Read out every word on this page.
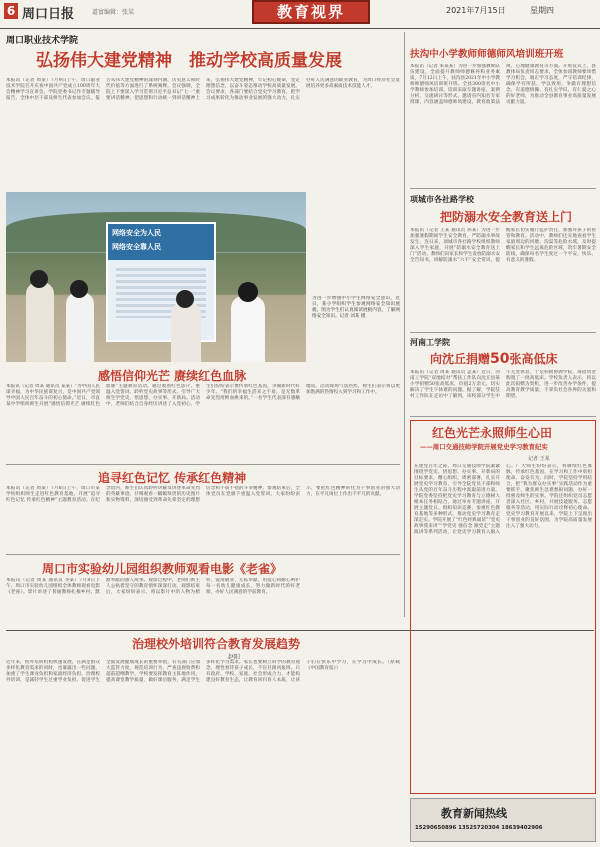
6 周口日报	道富编辑：张某	教育视界	2021年7月15日	星期四
周口职业技术学院
弘扬伟大建党精神　推动学校高质量发展
本报讯（记者 周某）7月9日上午，周口职业技术学院召开庆祝中国共产党成立100周年大会精神学习宣讲会。学院党委书记作专题辅导报告，全体中层干部及师生代表参加会议。报告从伟大建党精神的深刻内涵、历史意义和时代价值等方面进行了系统阐释。会议强调，全院上下要深入学习贯彻习近平总书记“七一”重要讲话精神，把思想和行动统一到讲话精神上来，弘扬伟大建党精神，牢记初心使命，坚定理想信念，以奋斗姿态推动学校高质量发展。会议要求，各部门要结合党史学习教育，把学习成果转化为推动事业发展的强大动力，扎实办好人民满意的职业教育，为周口经济社会发展培养更多高素质技术技能人才。
网络安全为人民
网络安全靠人民
为进一步增强中小学生网络安全意识，近日，某小学组织学生参观网络安全知识展板。图为学生们认真阅读展板内容，了解网络安全知识。记者 刘某 摄
感悟信仰光芒 赓续红色血脉
本报讯（记者 周某 通讯员 某某）“为中国人民谋幸福，为中华民族谋复兴，是中国共产党领导中国人民百年奋斗的初心使命。”近日，市直某中学组织师生开展“感悟信仰光芒 赓续红色血脉”主题教育活动，通过观看红色影片、重温入党誓词、聆听党史故事等形式，引导广大师生学党史、悟思想、办实事、开新局。活动中，老师们结合自身经历讲述了入党初心，学生们纷纷表示要传承红色基因，争做新时代好少年。“我们的幸福生活来之不易，是无数革命先烈用鲜血换来的。”一名学生代表深有感触地说。活动现场气氛热烈，师生们表示将以更加饱满的热情投入到学习和工作中。
追寻红色记忆 传承红色精神
本报讯（记者 周某）7月8日上午，周口市某学校组织师生走进红色教育基地，开展“追寻红色记忆 传承红色精神”主题教育活动。在纪念馆内，师生们认真聆听讲解员讲述革命先烈的英雄事迹，仔细观看一幅幅珍贵的历史图片和实物资料，深切感受到革命先辈坚定的理想信念和不屈不挠的斗争精神。参观结束后，全体党员在党旗下重温入党誓词。大家纷纷表示，要把红色精神转化为干事创业的强大动力，在平凡岗位上作出不平凡的贡献。
周口市实验幼儿园组织教师观看电影《老雀》
本报讯（记者 周某 通讯员 李某）7月8日下午，周口市实验幼儿园组织全体教师观看电影《老雀》。影片讲述了普通教师扎根乡村、默默奉献的感人故事。观影过程中，老师们被主人公执着坚守的教育情怀深深打动。观影结束后，大家纷纷表示，将以影片中的人物为榜样，爱岗敬业、无私奉献，用爱心和耐心呵护每一名幼儿健康成长，努力做新时代的好老师，办好人民满意的学前教育。
治理校外培训符合教育发展趋势
赵阳
近年来，校外培训机构快速发展，在满足群众多样化教育需求的同时，也暴露出一些问题，加重了学生课业负担和家庭经济负担。治理校外培训，是减轻学生过重学业负担、促进学生全面发展健康成长的重要举措。有关部门应加大监管力度，规范培训行为，严查违规收费和超前超纲教学。学校要发挥教育主阵地作用，提高课堂教学质量，做好课后服务，满足学生多样化学习需求。家长也要树立科学的教育观念，理性看待孩子成长，不盲目跟风报班。只有政府、学校、家庭、社会形成合力，才能构建良好教育生态，让教育回归育人本质，让孩子们在快乐中学习，在学习中成长。（原载《中国教育报》）
扶沟中小学教师师德师风培训班开班
本报讯（记者 朱某某）为进一步加强教师队伍建设，全面提升教师师德修养和业务素质，7月12日上午，扶沟县2021年中小学教师师德师风培训班开班。全县300余名中小学教师参加培训。培训采取专题讲座、案例分析、交流研讨等形式，邀请省内知名专家授课，内容涵盖师德师风建设、教育政策法规、心理健康教育等方面。开班仪式上，县教体局负责同志要求，全体参训教师要珍惜学习机会，端正学习态度，严守培训纪律，确保学有所获、学以致用，争做有理想信念、有道德情操、有扎实学识、有仁爱之心的好老师，为推动全县教育事业高质量发展贡献力量。
项城市各社路学校
把防溺水安全教育送上门
本报讯（记者 王某 通讯员 孙某）为进一步加强暑假期间学生安全教育，严防溺水事故发生，连日来，项城市各社路学校组织教师深入学生家庭，开展“防溺水安全教育送上门”活动。教师们向家长和学生发放防溺水安全告知书，讲解防溺水“六不”安全常识，提醒家长切实履行监护责任，加强对孩子的看管和教育。活动中，教师们还实地查看学生家庭周边的河塘、沟渠等危险水域，及时提醒家长和学生远离危险区域，筑牢暑期安全防线，确保每名学生度过一个平安、快乐、有意义的暑假。
河南工学院
向沈丘捐赠50张高低床
本报讯（记者 周某 通讯员 孟某）近日，河南工学院“双地结对”帮扶工作队向沈丘县某小学捐赠50张高低床，价值2万余元，切实解决了学生午休难的问题。据了解，学院驻村工作队在走访中了解到，该校部分学生中午无处休息，于是积极协调学院，筹措资金购置了一批高低床。学校负责人表示，将以此次捐赠为契机，进一步改善办学条件，提高教育教学质量，不辜负社会各界的关爱和期望。
红色光芒永照师生心田
——周口交通技师学院开展党史学习教育纪实
记者 王某
在建党百年之际，周口交通技师学院紧紧围绕学党史、悟思想、办实事、开新局的目标要求，精心组织、周密部署，扎实开展党史学习教育，引导全院党员干部和师生从党的百年奋斗历程中汲取前进力量。学院党委坚持把党史学习教育与立德树人根本任务相结合，通过举办专题讲座、开展主题党日、组织知识竞赛、参观红色教育基地等多种形式，推动党史学习教育走深走实。学院开展了“红色经典诵读”“党史故事我来讲”“学党史 强信念 跟党走”主题演讲等系列活动，让党史学习教育入脑入心。广大师生纷纷表示，将赓续红色血脉，传承红色基因，在学习和工作中勇担使命、奋发有为。同时，学院坚持学用结合，把“我为群众办实事”实践活动作为重要抓手，聚焦师生急难愁盼问题，办好一批惠及师生的实事。学院还组织党员志愿者深入社区、乡村，开展技能服务、志愿服务等活动，用实际行动诠释初心使命。党史学习教育开展以来，学院上下呈现出干事创业的良好氛围，为学院高质量发展注入了强大动力。
教育新闻热线
15290650896 13525720304 18639402906
